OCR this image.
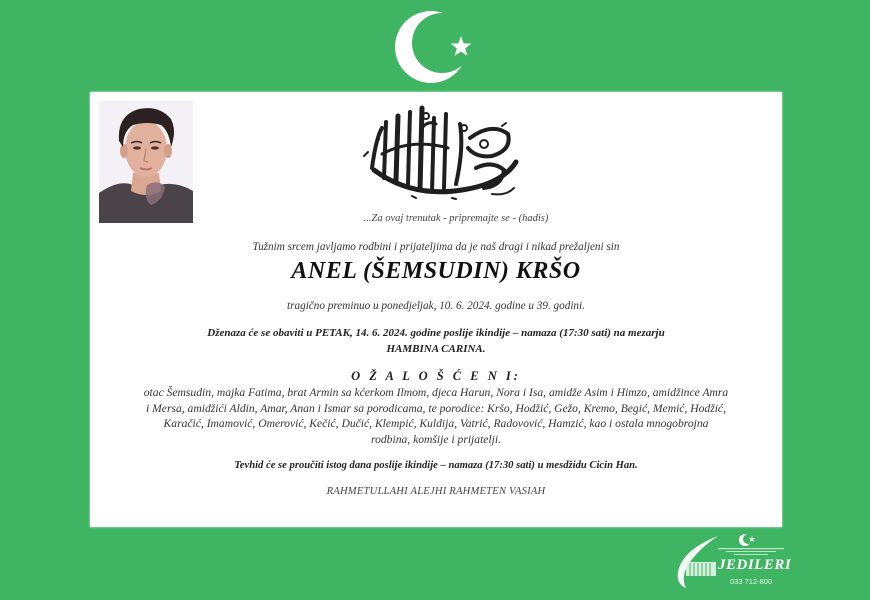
...Za ovaj trenutak - pripremajte se - (hadis)
Tužnim srcem javljamo rodbini i prijateljima da je naš dragi i nikad prežaljeni sin
ANEL (ŠEMSUDIN) KRŠO
tragično preminuo u ponedjeljak, 10. 6. 2024. godine u 39. godini.
Dženaza će se obaviti u PETAK, 14. 6. 2024. godine poslije ikindije – namaza (17:30 sati) na mezarju
HAMBINA CARINA.
O Ž A L O Š Ć E N I:
otac Šemsudin, majka Fatima, brat Armin sa kćerkom Ilmom, djeca Harun, Nora i Isa, amidže Asim i Himzo, amidžince Amra
i Mersa, amidžići Aldin, Amar, Anan i Ismar sa porodicama, te porodice: Kršo, Hodžić, Gežo, Kremo, Begić, Memić, Hodžić,
Karačić, Imamović, Omerović, Kečić, Dučić, Klempić, Kuldija, Vatrić, Radovović, Hamzić, kao i ostala mnogobrojna
rodbina, komšije i prijatelji.
Tevhid će se proučiti istog dana poslije ikindije – namaza (17:30 sati) u mesdžidu Cicin Han.
RAHMETULLAHI ALEJHI RAHMETEN VASIAH
JEDILERI
033 712-800
